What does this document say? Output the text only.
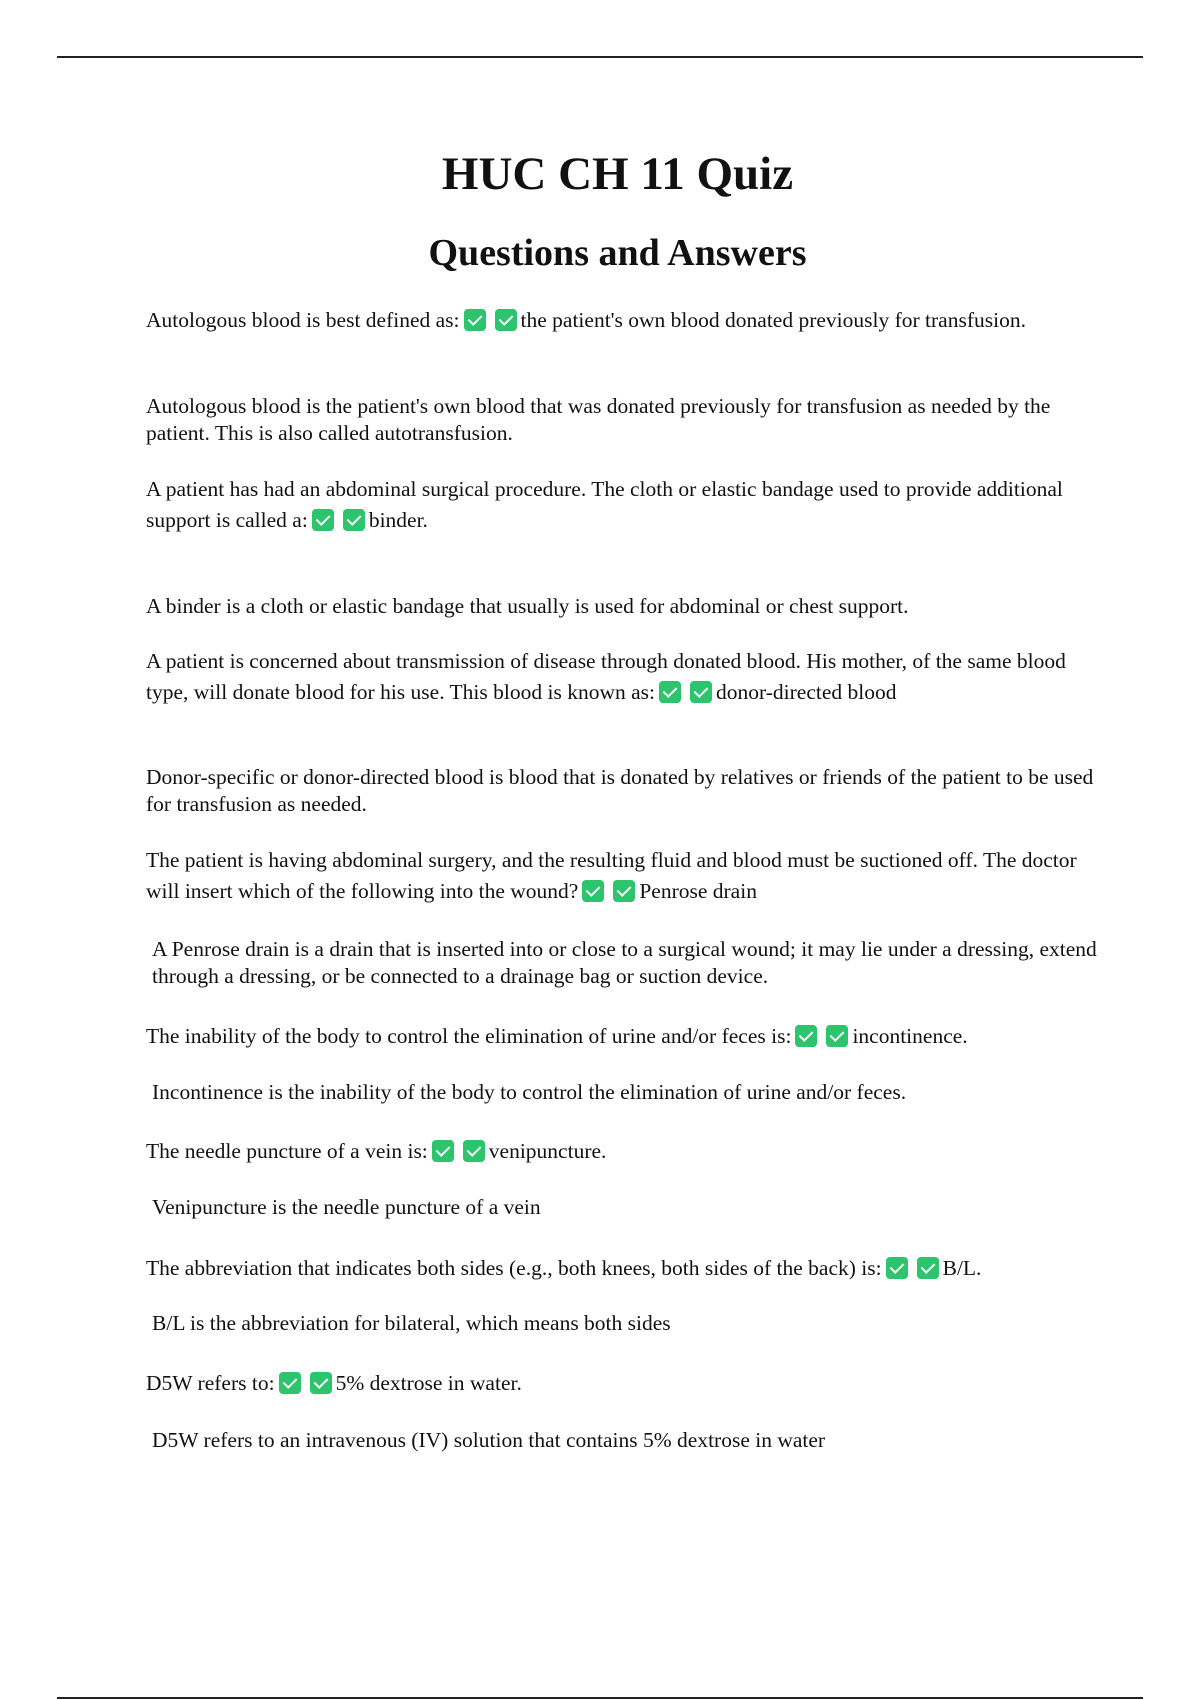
HUC CH 11 Quiz
Questions and Answers

Autologous blood is best defined as:	the patient's own blood donated previously for transfusion.

Autologous blood is the patient's own blood that was donated previously for transfusion as needed by the patient. This is also called autotransfusion.

A patient has had an abdominal surgical procedure. The cloth or elastic bandage used to provide additional support is called a:	binder.

A binder is a cloth or elastic bandage that usually is used for abdominal or chest support.

A patient is concerned about transmission of disease through donated blood. His mother, of the same blood type, will donate blood for his use. This blood is known as:	donor-directed blood

Donor-specific or donor-directed blood is blood that is donated by relatives or friends of the patient to be used for transfusion as needed.

The patient is having abdominal surgery, and the resulting fluid and blood must be suctioned off. The doctor will insert which of the following into the wound?	Penrose drain

A Penrose drain is a drain that is inserted into or close to a surgical wound; it may lie under a dressing, extend through a dressing, or be connected to a drainage bag or suction device.

The inability of the body to control the elimination of urine and/or feces is:	incontinence.

Incontinence is the inability of the body to control the elimination of urine and/or feces.

The needle puncture of a vein is:	venipuncture.

Venipuncture is the needle puncture of a vein

The abbreviation that indicates both sides (e.g., both knees, both sides of the back) is:	B/L.

B/L is the abbreviation for bilateral, which means both sides

D5W refers to:	5% dextrose in water.

D5W refers to an intravenous (IV) solution that contains 5% dextrose in water
